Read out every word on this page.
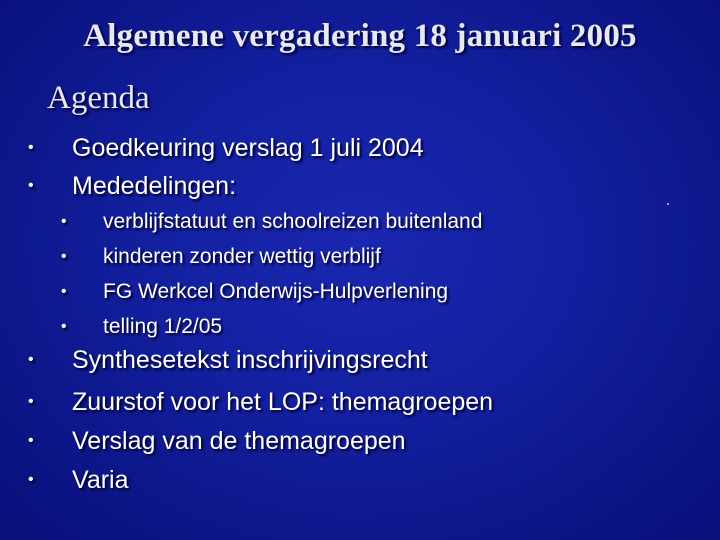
Algemene vergadering 18 januari 2005
Agenda
• Goedkeuring verslag 1 juli 2004
• Mededelingen:
• verblijfstatuut en schoolreizen buitenland
• kinderen zonder wettig verblijf
• FG Werkcel Onderwijs-Hulpverlening
• telling 1/2/05
• Synthesetekst inschrijvingsrecht
• Zuurstof voor het LOP: themagroepen
• Verslag van de themagroepen
• Varia
